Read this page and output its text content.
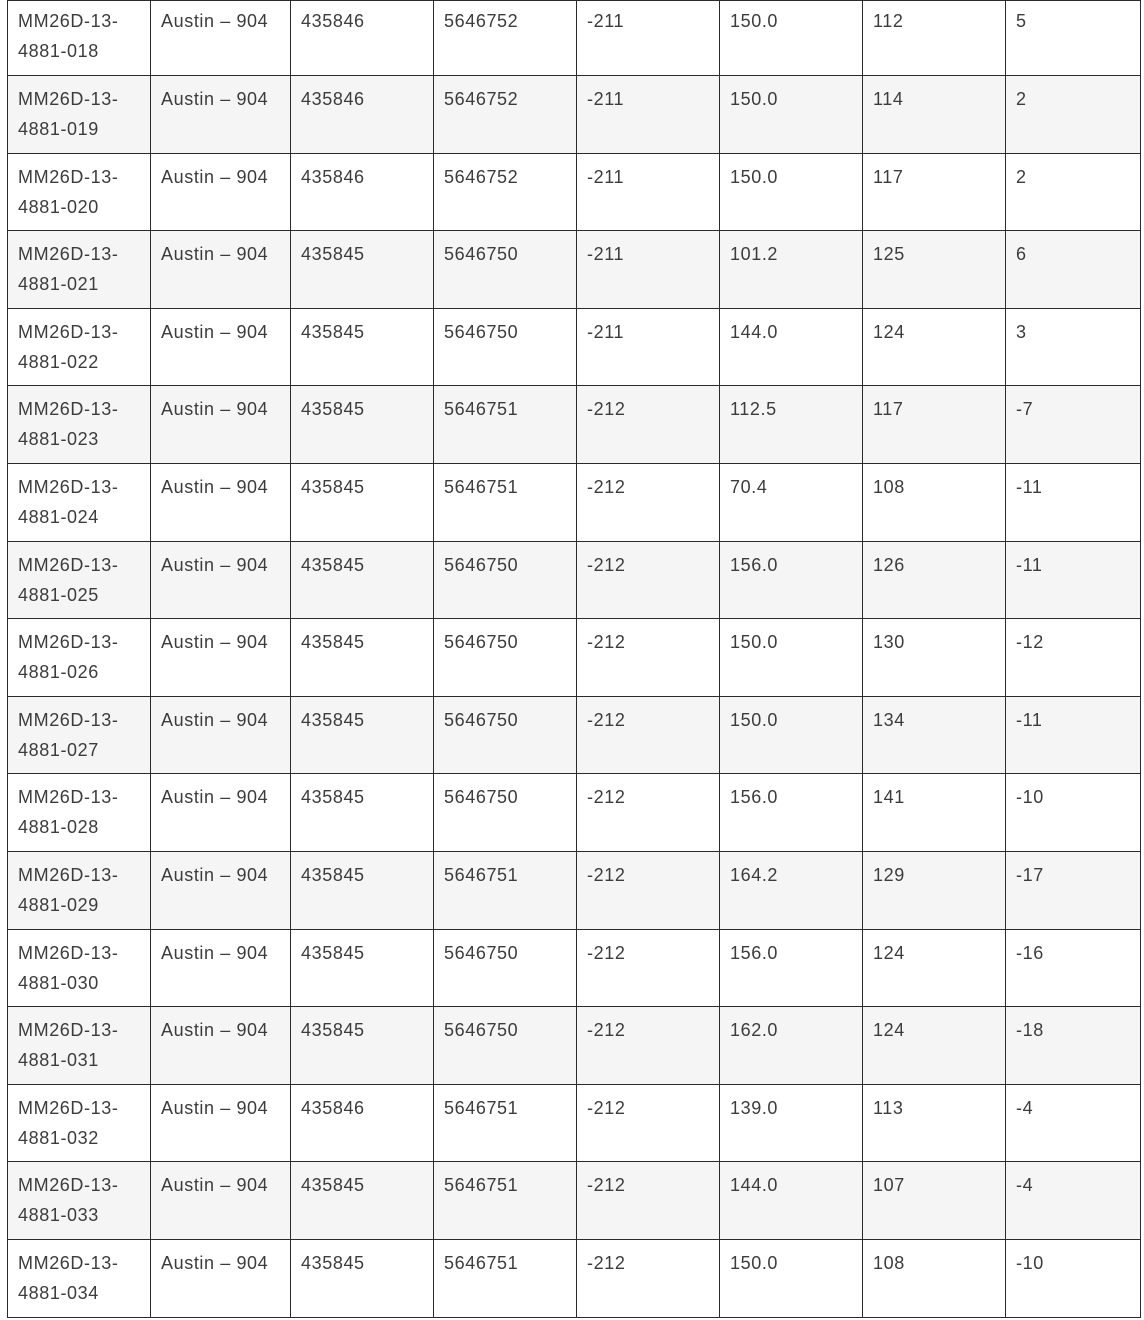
MM26D-13-
4881-018	Austin – 904	435846	5646752	-211	150.0	112	5

MM26D-13-
4881-019	Austin – 904	435846	5646752	-211	150.0	114	2

MM26D-13-
4881-020	Austin – 904	435846	5646752	-211	150.0	117	2

MM26D-13-
4881-021	Austin – 904	435845	5646750	-211	101.2	125	6

MM26D-13-
4881-022	Austin – 904	435845	5646750	-211	144.0	124	3

MM26D-13-
4881-023	Austin – 904	435845	5646751	-212	112.5	117	-7

MM26D-13-
4881-024	Austin – 904	435845	5646751	-212	70.4	108	-11

MM26D-13-
4881-025	Austin – 904	435845	5646750	-212	156.0	126	-11

MM26D-13-
4881-026	Austin – 904	435845	5646750	-212	150.0	130	-12

MM26D-13-
4881-027	Austin – 904	435845	5646750	-212	150.0	134	-11

MM26D-13-
4881-028	Austin – 904	435845	5646750	-212	156.0	141	-10

MM26D-13-
4881-029	Austin – 904	435845	5646751	-212	164.2	129	-17

MM26D-13-
4881-030	Austin – 904	435845	5646750	-212	156.0	124	-16

MM26D-13-
4881-031	Austin – 904	435845	5646750	-212	162.0	124	-18

MM26D-13-
4881-032	Austin – 904	435846	5646751	-212	139.0	113	-4

MM26D-13-
4881-033	Austin – 904	435845	5646751	-212	144.0	107	-4

MM26D-13-
4881-034	Austin – 904	435845	5646751	-212	150.0	108	-10
